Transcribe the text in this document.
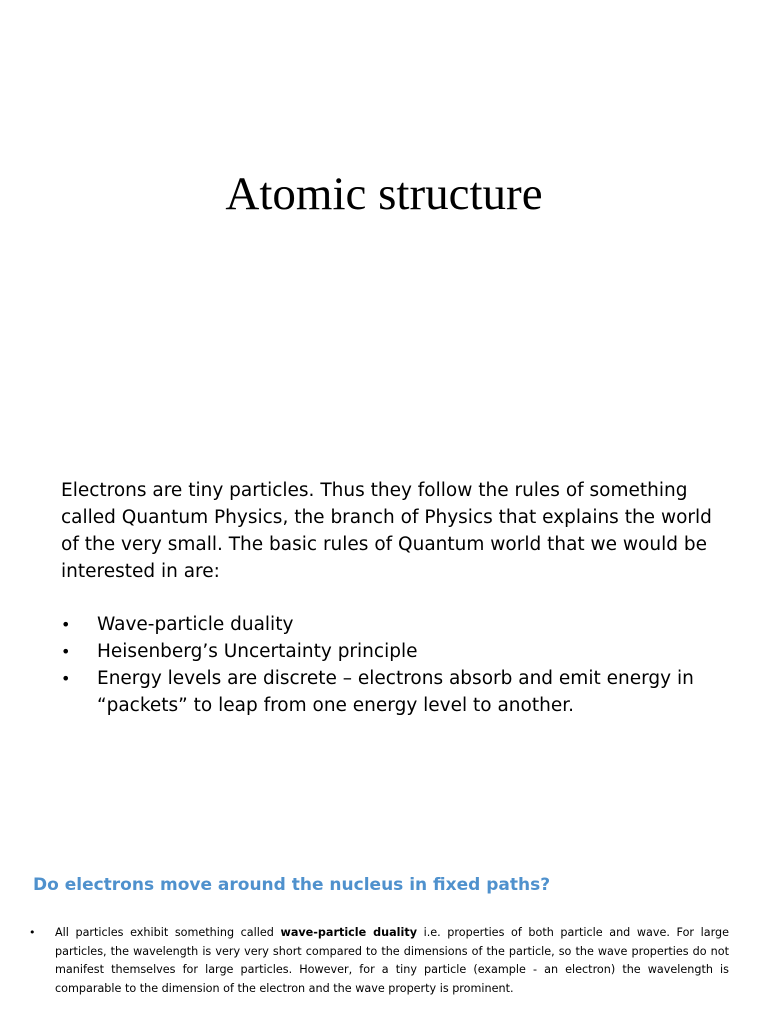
Atomic structure

Electrons are tiny particles. Thus they follow the rules of something called Quantum Physics, the branch of Physics that explains the world of the very small. The basic rules of Quantum world that we would be interested in are:

•	Wave-particle duality
•	Heisenberg’s Uncertainty principle
•	Energy levels are discrete – electrons absorb and emit energy in “packets” to leap from one energy level to another.
Do electrons move around the nucleus in fixed paths?
• All particles exhibit something called wave-particle duality i.e. properties of both particle and wave. For large particles, the wavelength is very very short compared to the dimensions of the particle, so the wave properties do not manifest themselves for large particles. However, for a tiny particle (example - an electron) the wavelength is comparable to the dimension of the electron and the wave property is prominent.
